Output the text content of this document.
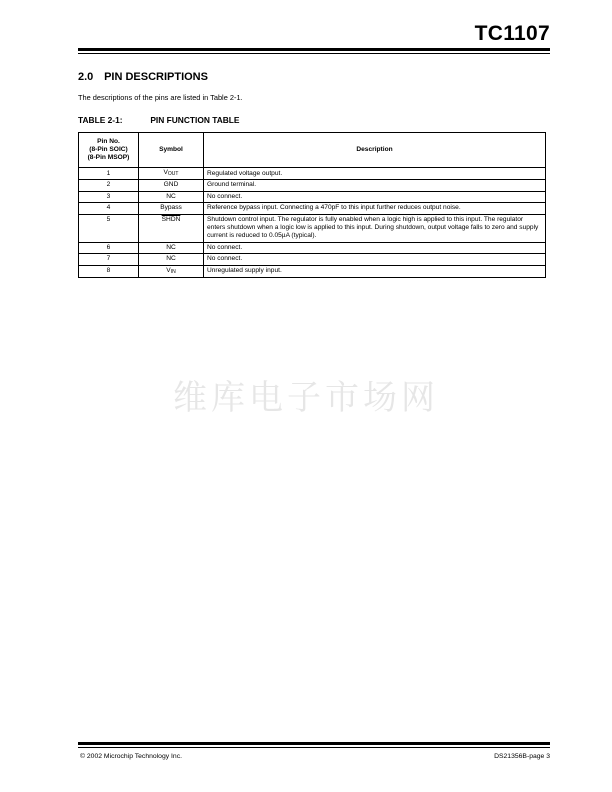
TC1107
2.0 PIN DESCRIPTIONS
The descriptions of the pins are listed in Table 2-1.
TABLE 2-1:	PIN FUNCTION TABLE
Pin No.
(8-Pin SOIC)
(8-Pin MSOP)	Symbol	Description
1	$V_{OUT}$	Regulated voltage output.
2	GND	Ground terminal.
3	NC	No connect.
4	Bypass	Reference bypass input. Connecting a 470pF to this input further reduces output noise.
5	SHDN	Shutdown control input. The regulator is fully enabled when a logic high is applied to this input. The regulator enters shutdown when a logic low is applied to this input. During shutdown, output voltage falls to zero and supply current is reduced to 0.05µA (typical).
6	NC	No connect.
7	NC	No connect.
8	$V_{IN}$	Unregulated supply input.
维库电子市场网
© 2002 Microchip Technology Inc.	DS21356B-page 3
